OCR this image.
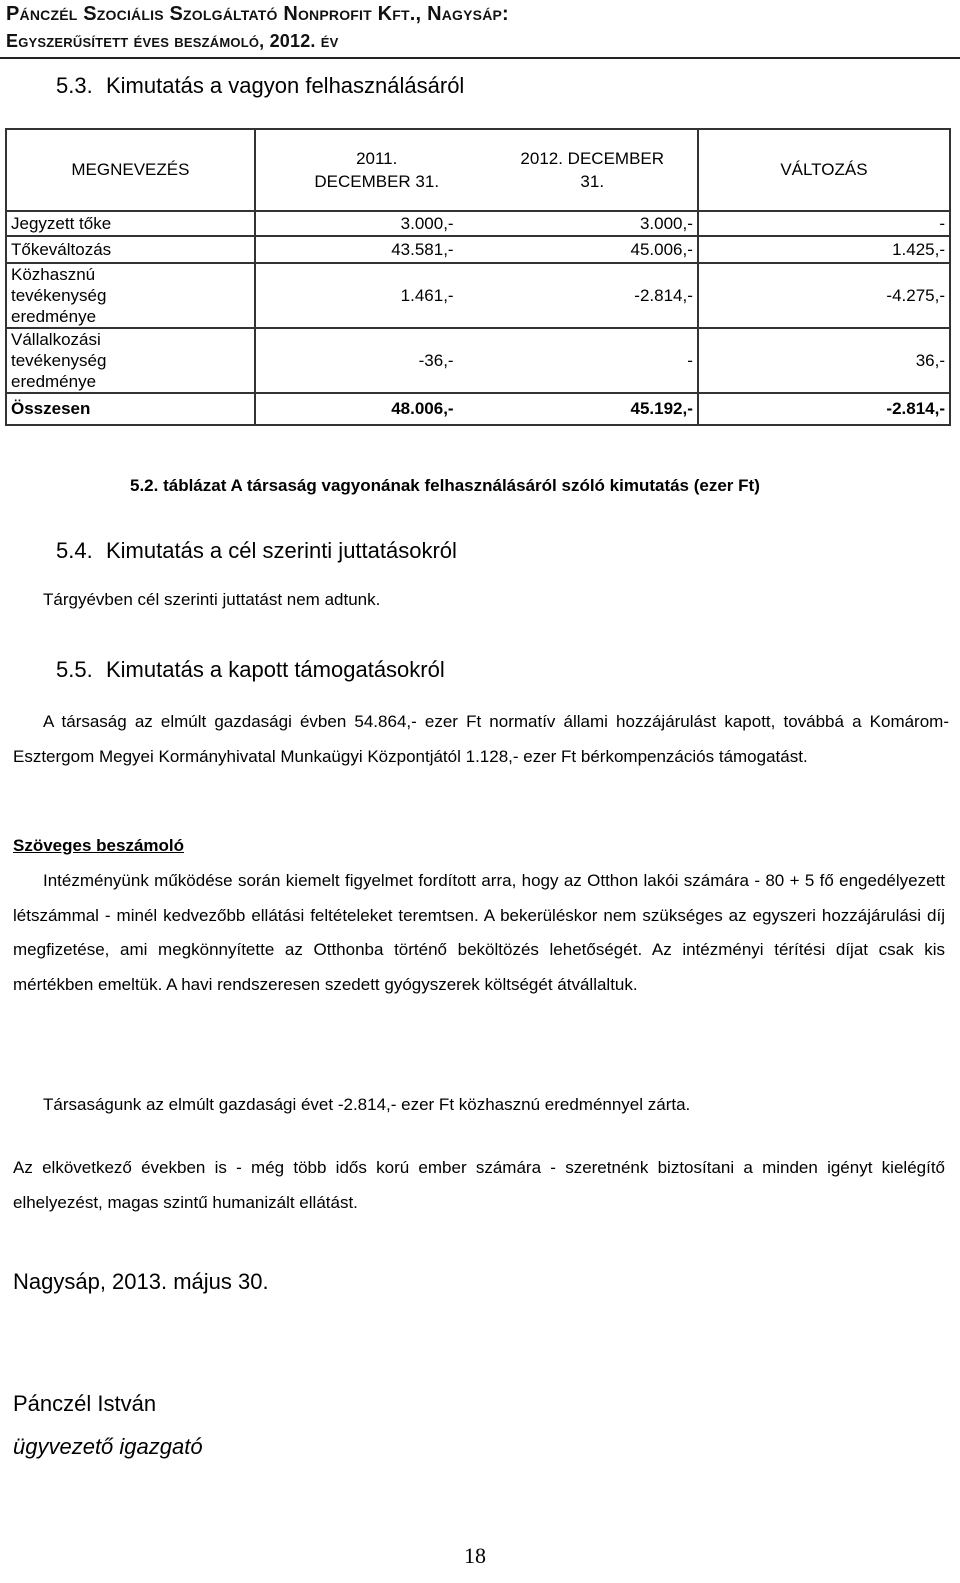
Pánczél Szociális Szolgáltató Nonprofit Kft., Nagysáp:
Egyszerűsített éves beszámoló, 2012. év
5.3. Kimutatás a vagyon felhasználásáról
MEGNEVEZÉS	2011. DECEMBER 31.	2012. DECEMBER 31.	VÁLTOZÁS
Jegyzett tőke	3.000,-	3.000,-	-
Tőkeváltozás	43.581,-	45.006,-	1.425,-
Közhasznú tevékenység eredménye	1.461,-	-2.814,-	-4.275,-
Vállalkozási tevékenység eredménye	-36,-	-	36,-
Összesen	48.006,-	45.192,-	-2.814,-
5.2. táblázat A társaság vagyonának felhasználásáról szóló kimutatás (ezer Ft)
5.4. Kimutatás a cél szerinti juttatásokról
Tárgyévben cél szerinti juttatást nem adtunk.
5.5. Kimutatás a kapott támogatásokról
A társaság az elmúlt gazdasági évben 54.864,- ezer Ft normatív állami hozzájárulást kapott, továbbá a Komárom-Esztergom Megyei Kormányhivatal Munkaügyi Központjától 1.128,- ezer Ft bérkompenzációs támogatást.
Szöveges beszámoló
Intézményünk működése során kiemelt figyelmet fordított arra, hogy az Otthon lakói számára - 80 + 5 fő engedélyezett létszámmal - minél kedvezőbb ellátási feltételeket teremtsen. A bekerüléskor nem szükséges az egyszeri hozzájárulási díj megfizetése, ami megkönnyítette az Otthonba történő beköltözés lehetőségét. Az intézményi térítési díjat csak kis mértékben emeltük. A havi rendszeresen szedett gyógyszerek költségét átvállaltuk.
Társaságunk az elmúlt gazdasági évet -2.814,- ezer Ft közhasznú eredménnyel zárta.
Az elkövetkező években is - még több idős korú ember számára - szeretnénk biztosítani a minden igényt kielégítő elhelyezést, magas szintű humanizált ellátást.
Nagysáp, 2013. május 30.
Pánczél István
ügyvezető igazgató
18
